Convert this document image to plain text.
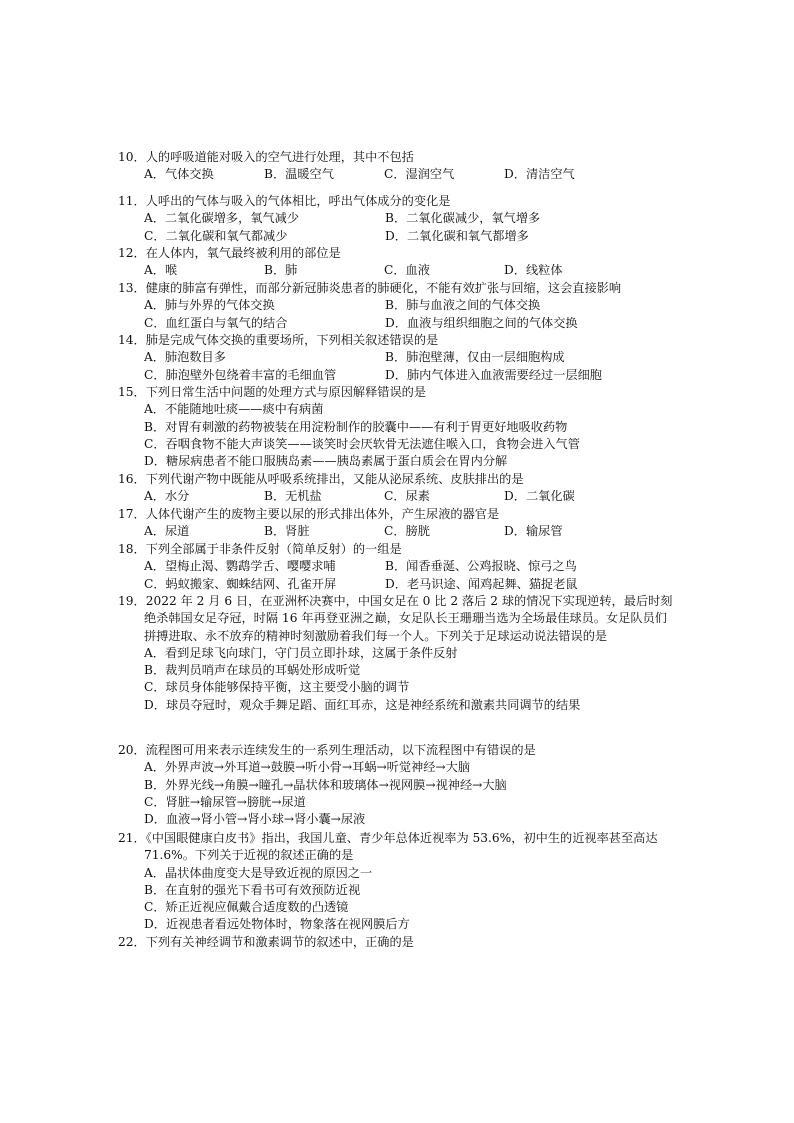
10．人的呼吸道能对吸入的空气进行处理，其中不包括
A．气体交换	B．温暖空气	C．湿润空气	D．清洁空气
11．人呼出的气体与吸入的气体相比，呼出气体成分的变化是
A．二氧化碳增多，氧气减少	B．二氧化碳减少，氧气增多
C．二氧化碳和氧气都减少	D．二氧化碳和氧气都增多
12．在人体内，氧气最终被利用的部位是
A．喉	B．肺	C．血液	D．线粒体
13．健康的肺富有弹性，而部分新冠肺炎患者的肺硬化，不能有效扩张与回缩，这会直接影响
A．肺与外界的气体交换	B．肺与血液之间的气体交换
C．血红蛋白与氧气的结合	D．血液与组织细胞之间的气体交换
14．肺是完成气体交换的重要场所，下列相关叙述错误的是
A．肺泡数目多	B．肺泡壁薄，仅由一层细胞构成
C．肺泡壁外包绕着丰富的毛细血管	D．肺内气体进入血液需要经过一层细胞
15．下列日常生活中问题的处理方式与原因解释错误的是
A．不能随地吐痰——痰中有病菌
B．对胃有刺激的药物被装在用淀粉制作的胶囊中——有利于胃更好地吸收药物
C．吞咽食物不能大声谈笑——谈笑时会厌软骨无法遮住喉入口，食物会进入气管
D．糖尿病患者不能口服胰岛素——胰岛素属于蛋白质会在胃内分解
16．下列代谢产物中既能从呼吸系统排出，又能从泌尿系统、皮肤排出的是
A．水分	B．无机盐	C．尿素	D．二氧化碳
17．人体代谢产生的废物主要以尿的形式排出体外，产生尿液的器官是
A．尿道	B．肾脏	C．膀胱	D．输尿管
18．下列全部属于非条件反射（简单反射）的一组是
A．望梅止渴、鹦鹉学舌、嘤嘤求哺	B．闻香垂涎、公鸡报晓、惊弓之鸟
C．蚂蚁搬家、蜘蛛结网、孔雀开屏	D．老马识途、闻鸡起舞、猫捉老鼠
19．2022 年 2 月 6 日，在亚洲杯决赛中，中国女足在 0 比 2 落后 2 球的情况下实现逆转，最后时刻绝杀韩国女足夺冠，时隔 16 年再登亚洲之巅，女足队长王珊珊当选为全场最佳球员。女足队员们拼搏进取、永不放弃的精神时刻激励着我们每一个人。下列关于足球运动说法错误的是
A．看到足球飞向球门，守门员立即扑球，这属于条件反射
B．裁判员哨声在球员的耳蜗处形成听觉
C．球员身体能够保持平衡，这主要受小脑的调节
D．球员夺冠时，观众手舞足蹈、面红耳赤，这是神经系统和激素共同调节的结果
20．流程图可用来表示连续发生的一系列生理活动，以下流程图中有错误的是
A．外界声波→外耳道→鼓膜→听小骨→耳蜗→听觉神经→大脑
B．外界光线→角膜→瞳孔→晶状体和玻璃体→视网膜→视神经→大脑
C．肾脏→输尿管→膀胱→尿道
D．血液→肾小管→肾小球→肾小囊→尿液
21．《中国眼健康白皮书》指出，我国儿童、青少年总体近视率为 53.6%，初中生的近视率甚至高达 71.6%。下列关于近视的叙述正确的是
A．晶状体曲度变大是导致近视的原因之一
B．在直射的强光下看书可有效预防近视
C．矫正近视应佩戴合适度数的凸透镜
D．近视患者看远处物体时，物象落在视网膜后方
22．下列有关神经调节和激素调节的叙述中，正确的是
